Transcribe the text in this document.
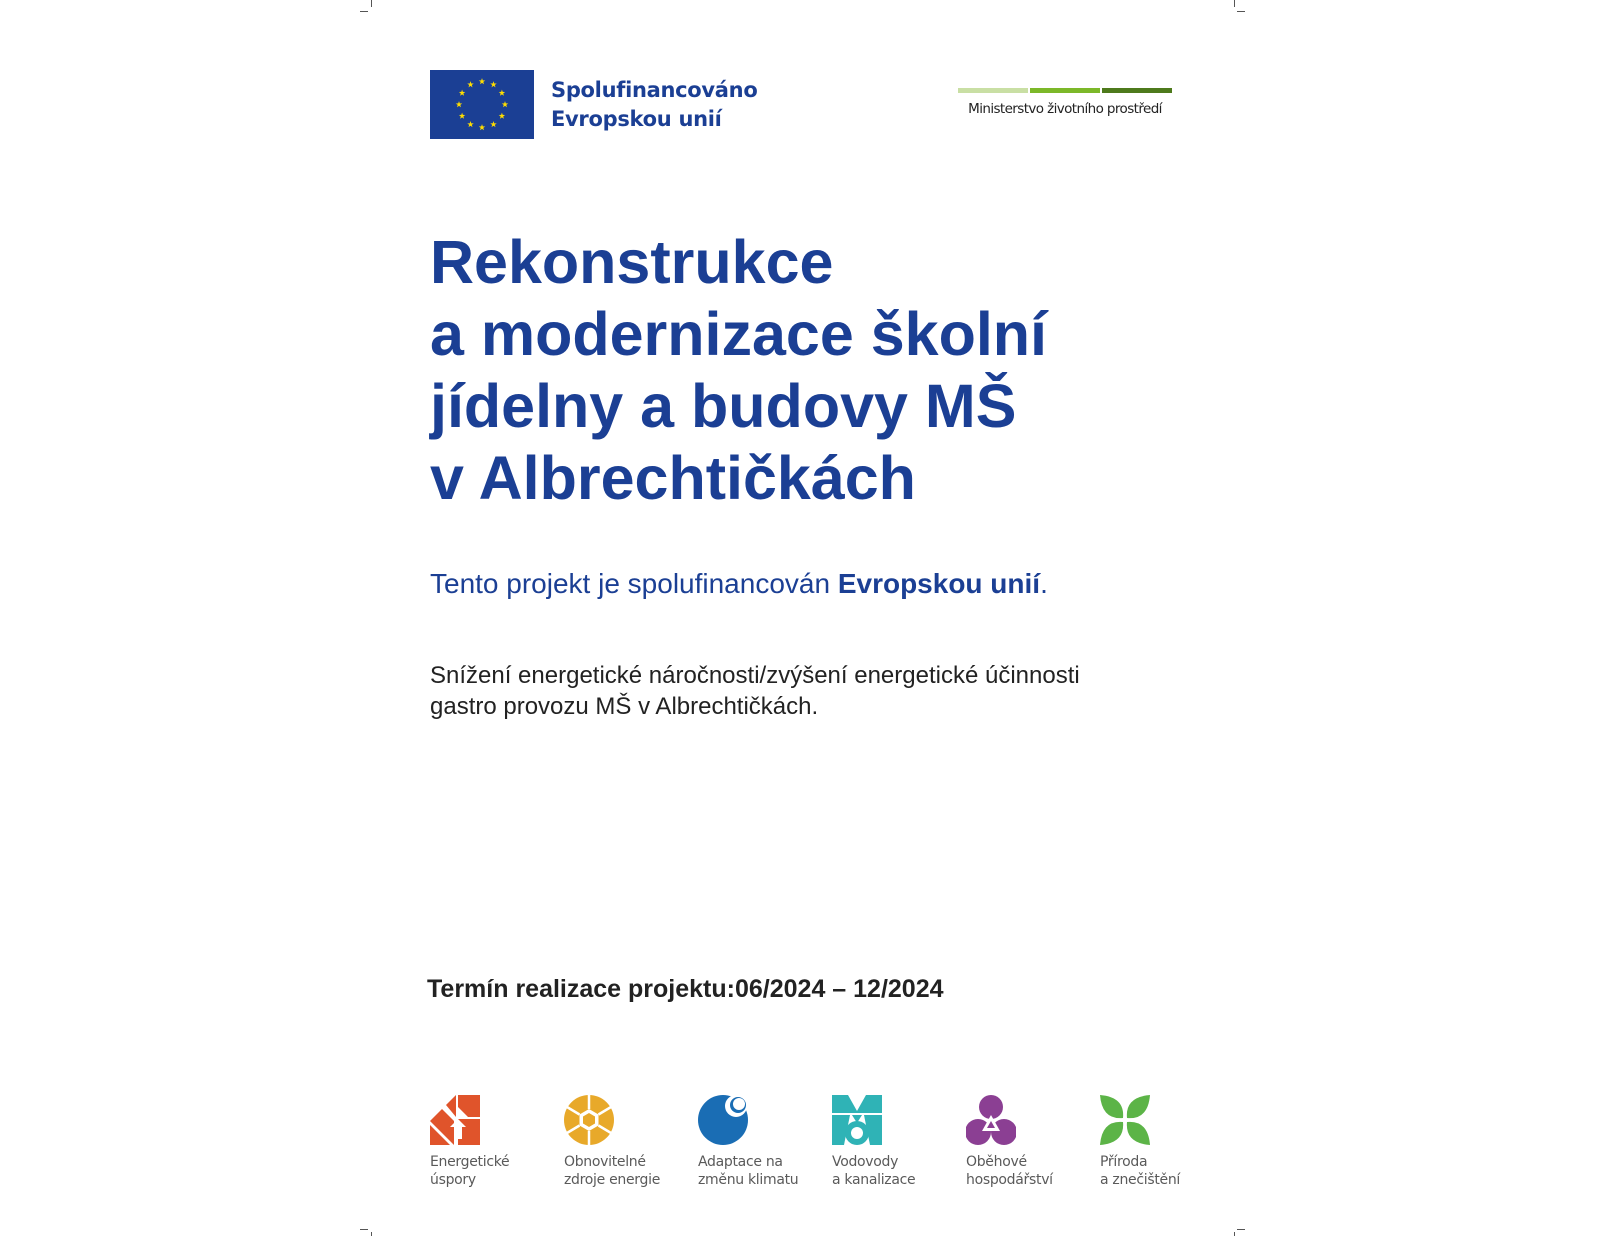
Spolufinancováno
Evropskou unií	Ministerstvo životního prostředí
Rekonstrukce
a modernizace školní
jídelny a budovy MŠ
v Albrechtičkách
Tento projekt je spolufinancován Evropskou unií.
Snížení energetické náročnosti/zvýšení energetické účinnosti
gastro provozu MŠ v Albrechtičkách.
Termín realizace projektu:06/2024 – 12/2024
Energetické
úspory
Obnovitelné
zdroje energie
Adaptace na
změnu klimatu
Vodovody
a kanalizace
Oběhové
hospodářství
Příroda
a znečištění
